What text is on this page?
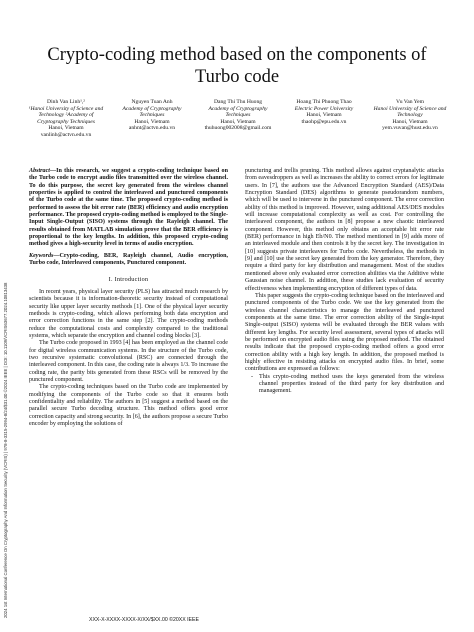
2024 1st International Conference On Cryptography And Information Security (VCRIS) | 978-8-3315-2994-8/24/$31.00 ©2024 IEEE | DOI: 10.1109/VCRIS63677.2024.10813438
Crypto-coding method based on the components of Turbo code
Dinh Van Linh¹,²
¹Hanoi University of Science and Technology ²Academy of Cryptography Techniques
Hanoi, Vietnam
vanlinh@actvn.edu.vn
Nguyen Tuan Anh
Academy of Cryptography Techniques
Hanoi, Vietnam
anhnt@actvn.edu.vn
Dang Thi Thu Huong
Academy of Cryptography Techniques
Hanoi, Vietnam
thuhuong002008@gmail.com
Hoang Thi Phuong Thao
Electric Power University
Hanoi, Vietnam
thaohp@epu.edu.vn
Vu Van Yem
Hanoi University of Science and Technology
Hanoi, Vietnam
yem.vuvan@hust.edu.vn

Abstract—In this research, we suggest a crypto-coding technique based on the Turbo code to encrypt audio files transmitted over the wireless channel. To do this purpose, the secret key generated from the wireless channel properties is applied to control the interleaved and punctured components of the Turbo code at the same time. The proposed crypto-coding method is performed to assess the bit error rate (BER) efficiency and audio encryption performance. The proposed crypto-coding method is employed to the Single-Input Single-Output (SISO) systems through the Rayleigh channel. The results obtained from MATLAB simulation prove that the BER efficiency is proportional to the key lengths. In addition, this proposed crypto-coding method gives a high-security level in terms of audio encryption.

Keywords—Crypto-coding, BER, Rayleigh channel, Audio encryption, Turbo code, Interleaved components, Punctured component.

I. Introduction

In recent years, physical layer security (PLS) has attracted much research by scientists because it is information-theoretic security instead of computational security like upper layer security methods [1]. One of the physical layer security methods is crypto-coding, which allows performing both data encryption and error correction functions in the same step [2]. The crypto-coding methods reduce the computational costs and complexity compared to the traditional systems, which separate the encryption and channel coding blocks [3].

The Turbo code proposed in 1993 [4] has been employed as the channel code for digital wireless communication systems. In the structure of the Turbo code, two recursive systematic convolutional (RSC) are connected through the interleaved component. In this case, the coding rate is always 1/3. To increase the coding rate, the parity bits generated from these RSCs will be removed by the punctured component.

The crypto-coding techniques based on the Turbo code are implemented by modifying the components of the Turbo code so that it ensures both confidentiality and reliability. The authors in [5] suggest a method based on the parallel secure Turbo decoding structure. This method offers good error correction capacity and strong security. In [6], the authors propose a secure Turbo encoder by employing the solutions of

puncturing and trellis pruning. This method allows against cryptanalytic attacks from eavesdroppers as well as increases the ability to correct errors for legitimate users. In [7], the authors use the Advanced Encryption Standard (AES)/Data Encryption Standard (DES) algorithms to generate pseudorandom numbers, which will be used to intervene in the punctured component. The error correction ability of this method is improved. However, using additional AES/DES modules will increase computational complexity as well as cost. For controlling the interleaved component, the authors in [8] propose a new chaotic interleaved component. However, this method only obtains an acceptable bit error rate (BER) performance in high Eb/N0. The method mentioned in [9] adds more of an interleaved module and then controls it by the secret key. The investigation in [10] suggests private interleavers for Turbo code. Nevertheless, the methods in [9] and [10] use the secret key generated from the key generator. Therefore, they require a third party for key distribution and management. Most of the studies mentioned above only evaluated error correction abilities via the Additive white Gaussian noise channel. In addition, these studies lack evaluation of security effectiveness when implementing encryption of different types of data.

This paper suggests the crypto-coding technique based on the interleaved and punctured components of the Turbo code. We use the key generated from the wireless channel characteristics to manage the interleaved and punctured components at the same time. The error correction ability of the Single-input Single-output (SISO) systems will be evaluated through the BER values with different key lengths. For security level assessment, several types of attacks will be performed on encrypted audio files using the proposed method. The obtained results indicate that the proposed crypto-coding method offers a good error correction ability with a high key length. In addition, the proposed method is highly effective in resisting attacks on encrypted audio files. In brief, some contributions are expressed as follows:

- This crypto-coding method uses the keys generated from the wireless channel properties instead of the third party for key distribution and management.
XXX-X-XXXX-XXXX-X/XX/$XX.00 ©20XX IEEE
